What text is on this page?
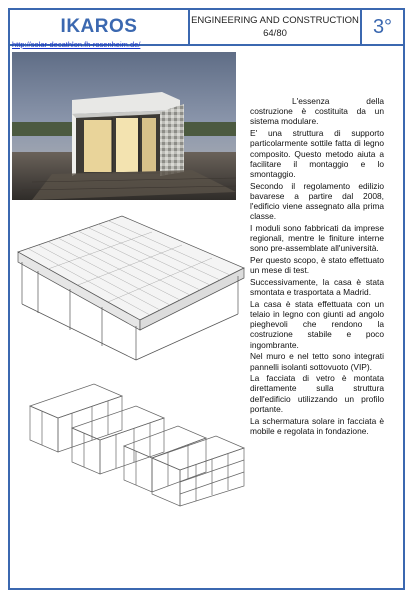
IKAROS	ENGINEERING AND CONSTRUCTION
64/80	3°
http://solar-decathlon.fh-rosenheim.de/

L'essenza della costruzione è costituita da un sistema modulare.

E' una struttura di supporto particolarmente sottile fatta di legno composito. Questo metodo aiuta a facilitare il montaggio e lo smontaggio.

Secondo il regolamento edilizio bavarese a partire dal 2008, l'edificio viene assegnato alla prima classe.

I moduli sono fabbricati da imprese regionali, mentre le finiture interne sono pre-assemblate all'università.

Per questo scopo, è stato effettuato un mese di test.

Successivamente, la casa è stata smontata e trasportata a Madrid.

La casa è stata effettuata con un telaio in legno con giunti ad angolo pieghevoli che rendono la costruzione stabile e poco ingombrante.

Nel muro e nel tetto sono integrati pannelli isolanti sottovuoto (VIP).

La facciata di vetro è montata direttamente sulla struttura dell'edificio utilizzando un profilo portante.

La schermatura solare in facciata è mobile e regolata in fondazione.
